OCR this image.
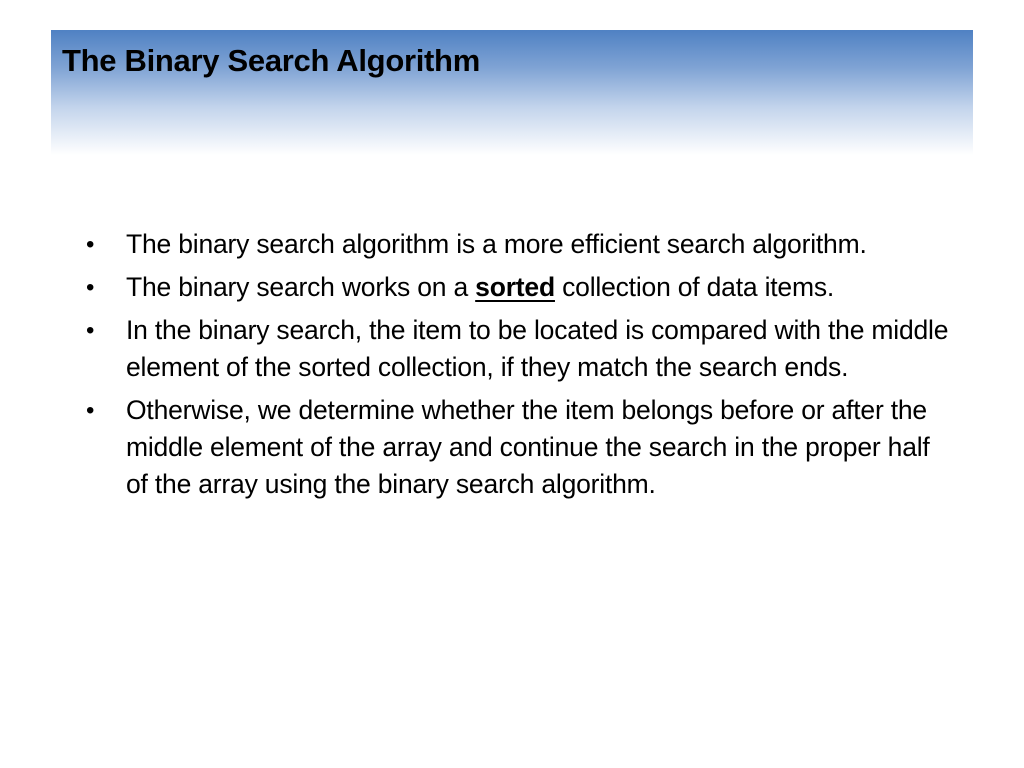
The Binary Search Algorithm
• The binary search algorithm is a more efficient search algorithm.
• The binary search works on a sorted collection of data items.
• In the binary search, the item to be located is compared with the middle element of the sorted collection, if they match the search ends.
• Otherwise, we determine whether the item belongs before or after the middle element of the array and continue the search in the proper half of the array using the binary search algorithm.
